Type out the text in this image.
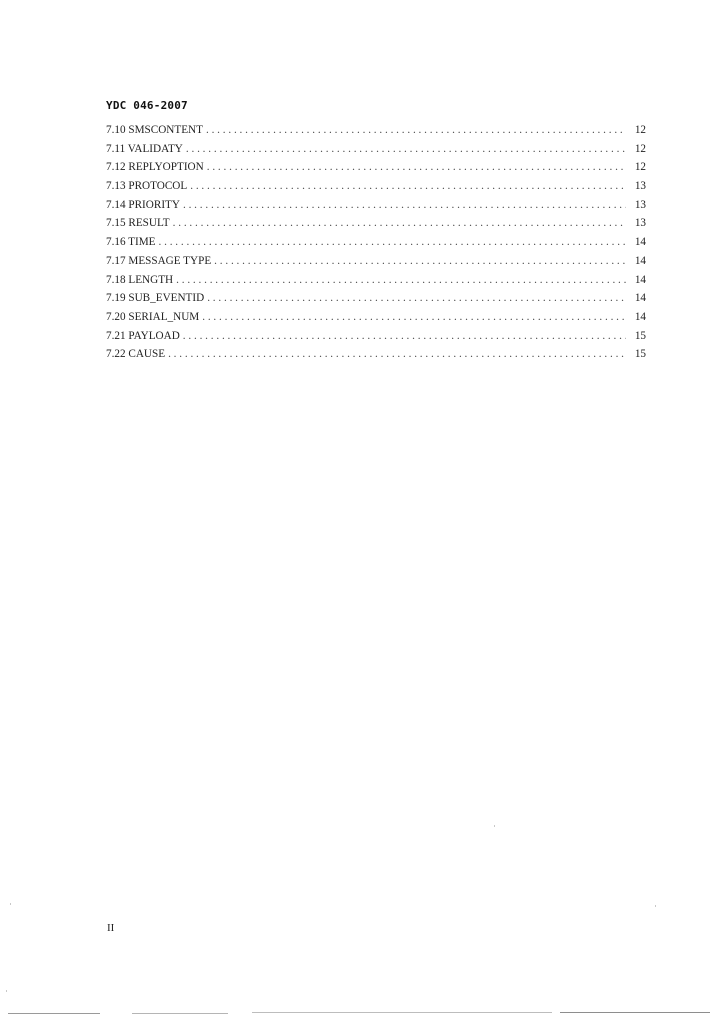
YDC 046-2007
7.10 SMSCONTENT . . .	12
7.11 VALIDATY . . .	12
7.12 REPLYOPTION . . .	12
7.13 PROTOCOL . . .	13
7.14 PRIORITY . . .	13
7.15 RESULT . . .	13
7.16 TIME . . .	14
7.17 MESSAGE TYPE . . .	14
7.18 LENGTH . . .	14
7.19 SUB_EVENTID . . .	14
7.20 SERIAL_NUM . . .	14
7.21 PAYLOAD . . .	15
7.22 CAUSE . . .	15
II
